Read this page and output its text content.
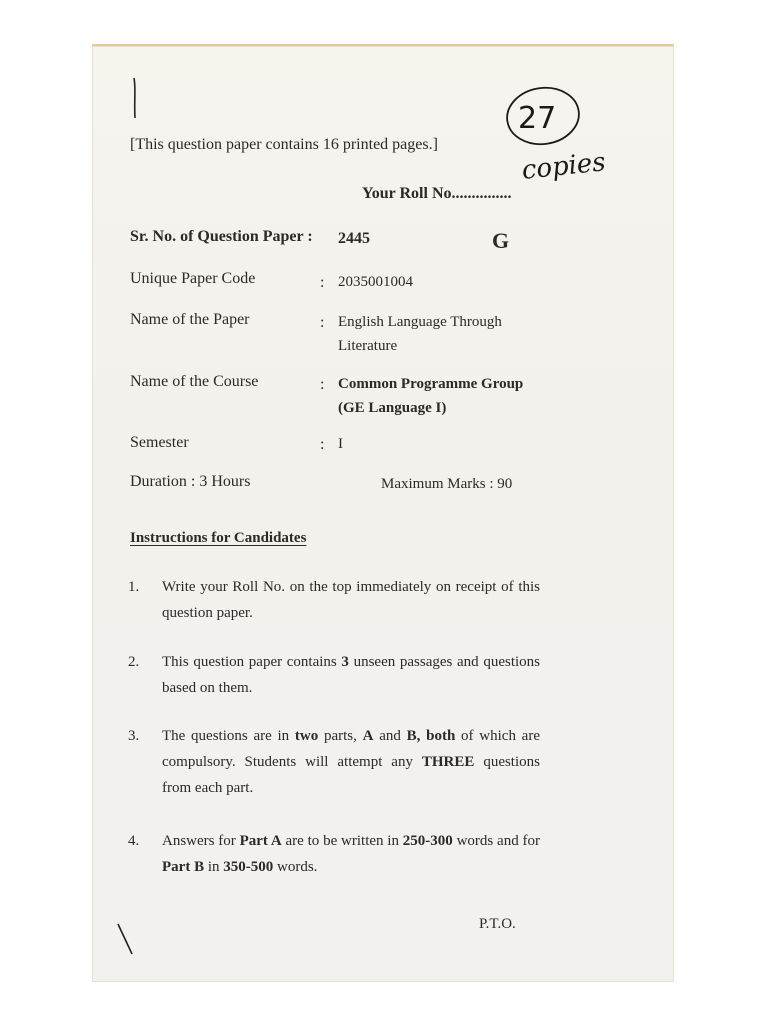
27
copies
[This question paper contains 16 printed pages.]
Your Roll No...............
Sr. No. of Question Paper : 2445	G
Unique Paper Code	: 2035001004
Name of the Paper	: English Language Through
Literature
Name of the Course	: Common Programme Group
(GE Language I)
Semester	: I
Duration : 3 Hours	Maximum Marks : 90
Instructions for Candidates
1. Write your Roll No. on the top immediately on receipt of this question paper.
2. This question paper contains 3 unseen passages and questions based on them.
3. The questions are in two parts, A and B, both of which are compulsory. Students will attempt any THREE questions from each part.
4. Answers for Part A are to be written in 250-300 words and for Part B in 350-500 words.
P.T.O.
